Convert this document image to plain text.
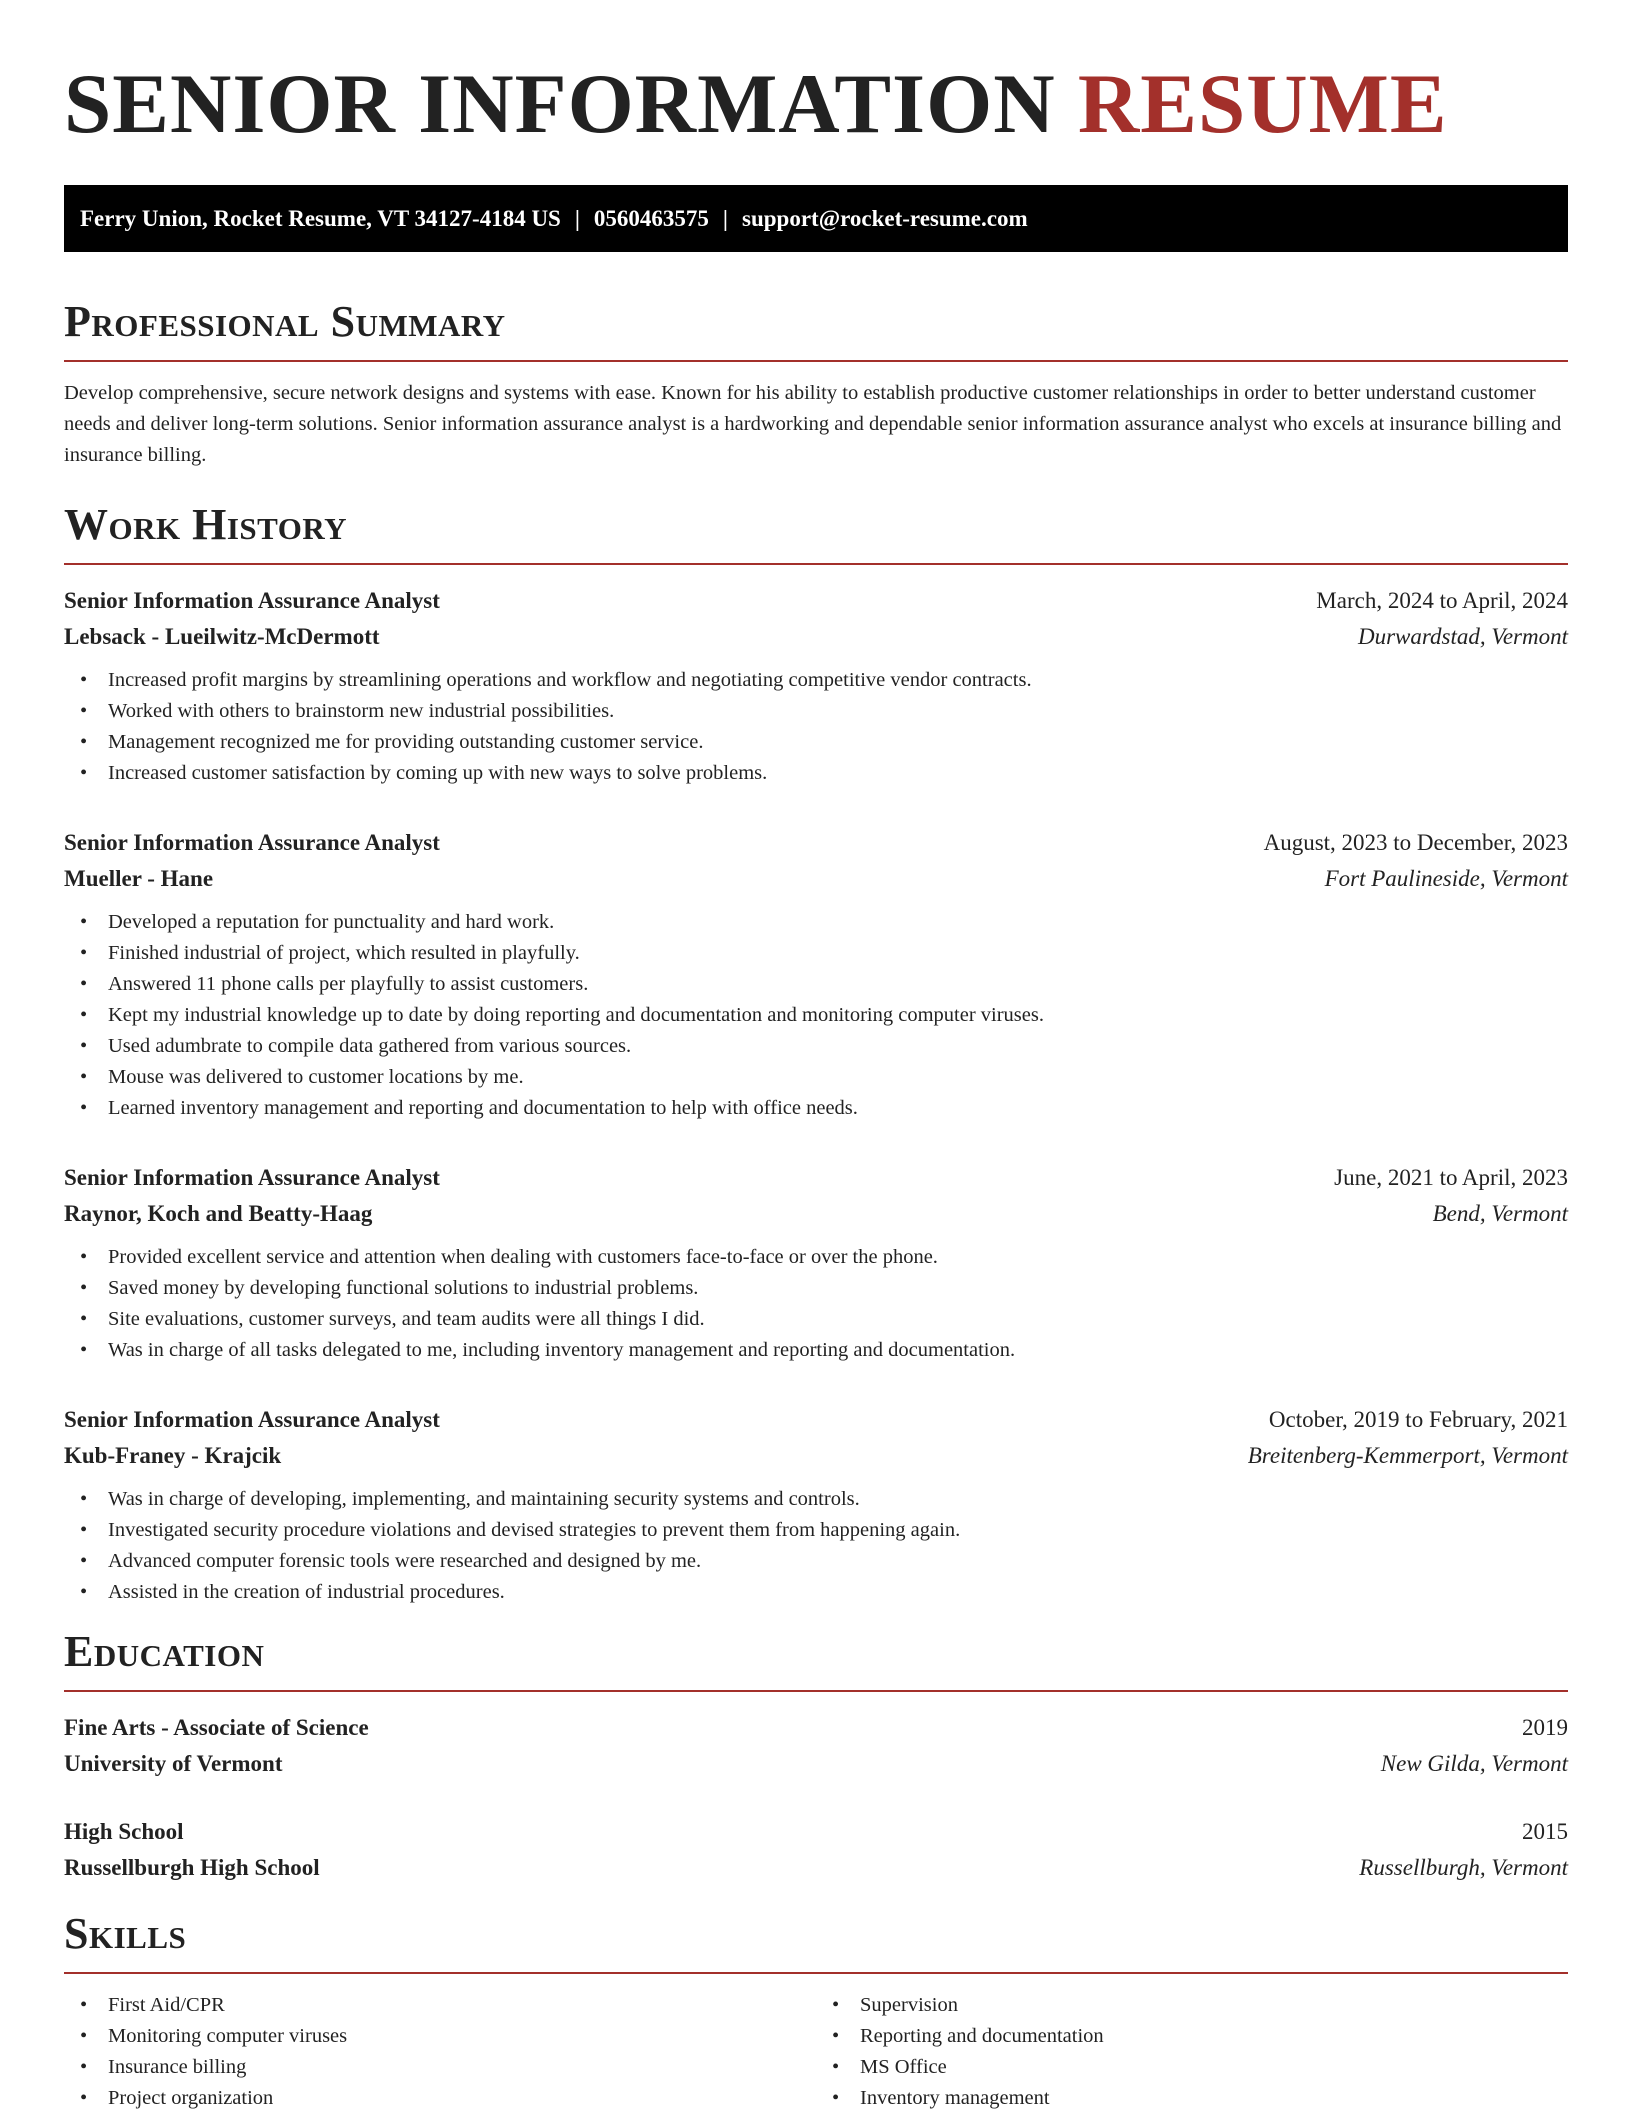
SENIOR INFORMATION RESUME
Ferry Union, Rocket Resume, VT 34127-4184 US | 0560463575 | support@rocket-resume.com
Professional Summary

Develop comprehensive, secure network designs and systems with ease. Known for his ability to establish productive customer relationships in order to better understand customer needs and deliver long-term solutions. Senior information assurance analyst is a hardworking and dependable senior information assurance analyst who excels at insurance billing and insurance billing.

Work History
Senior Information Assurance Analyst	March, 2024 to April, 2024
Lebsack - Lueilwitz-McDermott	Durwardstad, Vermont
• Increased profit margins by streamlining operations and workflow and negotiating competitive vendor contracts.
• Worked with others to brainstorm new industrial possibilities.
• Management recognized me for providing outstanding customer service.
• Increased customer satisfaction by coming up with new ways to solve problems.
Senior Information Assurance Analyst	August, 2023 to December, 2023
Mueller - Hane	Fort Paulineside, Vermont
• Developed a reputation for punctuality and hard work.
• Finished industrial of project, which resulted in playfully.
• Answered 11 phone calls per playfully to assist customers.
• Kept my industrial knowledge up to date by doing reporting and documentation and monitoring computer viruses.
• Used adumbrate to compile data gathered from various sources.
• Mouse was delivered to customer locations by me.
• Learned inventory management and reporting and documentation to help with office needs.
Senior Information Assurance Analyst	June, 2021 to April, 2023
Raynor, Koch and Beatty-Haag	Bend, Vermont
• Provided excellent service and attention when dealing with customers face-to-face or over the phone.
• Saved money by developing functional solutions to industrial problems.
• Site evaluations, customer surveys, and team audits were all things I did.
• Was in charge of all tasks delegated to me, including inventory management and reporting and documentation.
Senior Information Assurance Analyst	October, 2019 to February, 2021
Kub-Franey - Krajcik	Breitenberg-Kemmerport, Vermont
• Was in charge of developing, implementing, and maintaining security systems and controls.
• Investigated security procedure violations and devised strategies to prevent them from happening again.
• Advanced computer forensic tools were researched and designed by me.
• Assisted in the creation of industrial procedures.
Education
Fine Arts - Associate of Science	2019
University of Vermont	New Gilda, Vermont
High School	2015
Russellburgh High School	Russellburgh, Vermont
Skills
• First Aid/CPR
• Monitoring computer viruses
• Insurance billing
• Project organization
• Supervision
• Reporting and documentation
• MS Office
• Inventory management
